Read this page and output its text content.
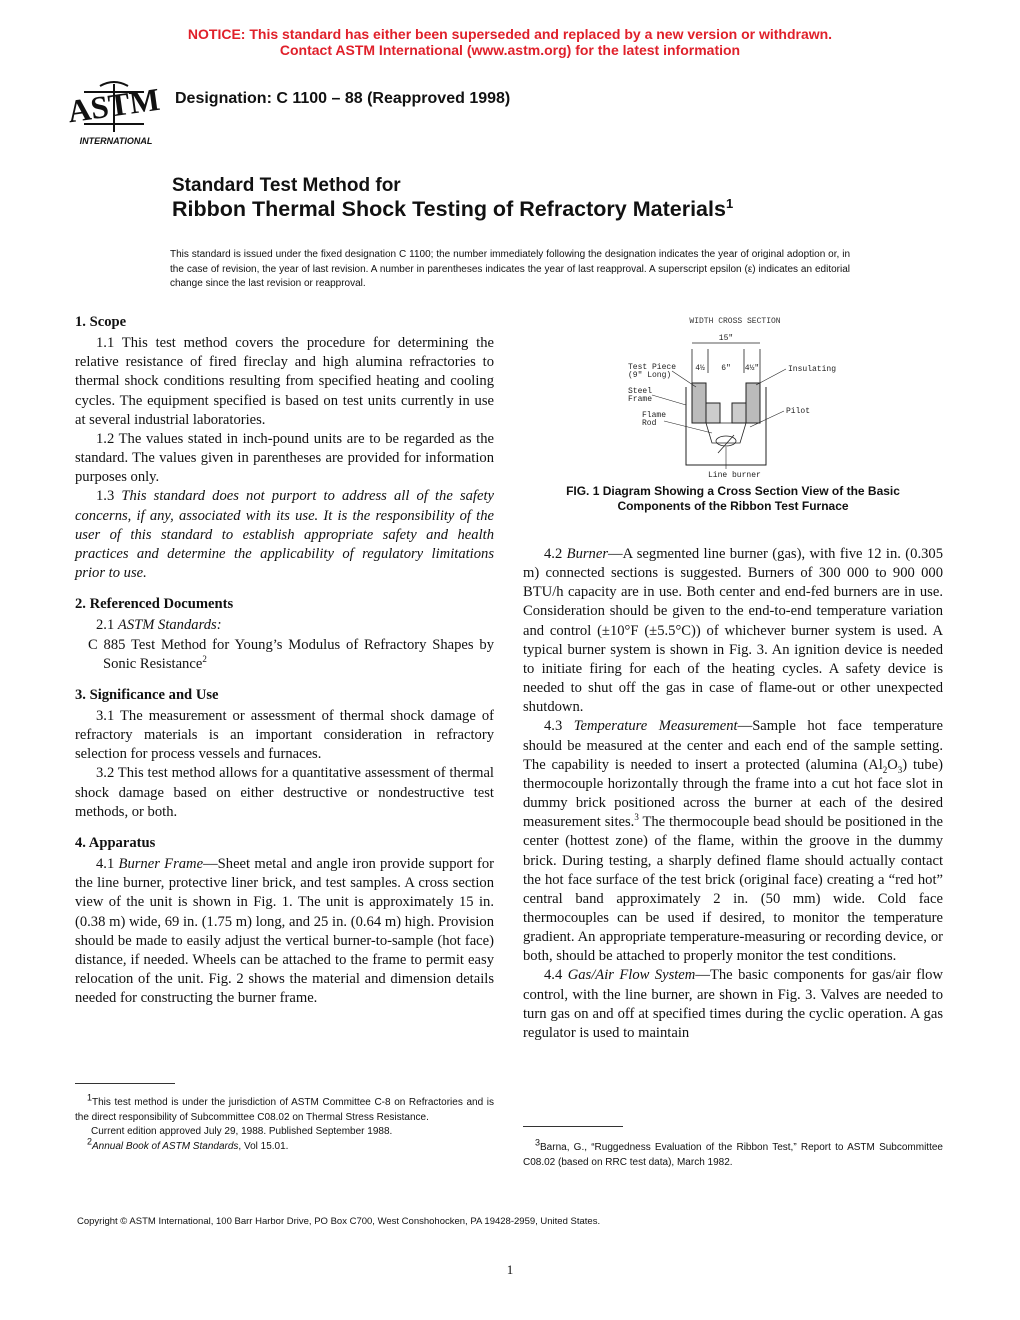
NOTICE: This standard has either been superseded and replaced by a new version or withdrawn.
Contact ASTM International (www.astm.org) for the latest information
ASTM
INTERNATIONAL
Designation: C 1100 – 88 (Reapproved 1998)
Standard Test Method for
Ribbon Thermal Shock Testing of Refractory Materials$^1$
This standard is issued under the fixed designation C 1100; the number immediately following the designation indicates the year of original adoption or, in the case of revision, the year of last revision. A number in parentheses indicates the year of last reapproval. A superscript epsilon (ε) indicates an editorial change since the last revision or reapproval.

1. Scope

1.1 This test method covers the procedure for determining the relative resistance of fired fireclay and high alumina refractories to thermal shock conditions resulting from specified heating and cooling cycles. The equipment specified is based on test units currently in use at several industrial laboratories.

1.2 The values stated in inch-pound units are to be regarded as the standard. The values given in parentheses are provided for information purposes only.

1.3 This standard does not purport to address all of the safety concerns, if any, associated with its use. It is the responsibility of the user of this standard to establish appropriate safety and health practices and determine the applicability of regulatory limitations prior to use.

2. Referenced Documents

2.1 ASTM Standards:

C 885 Test Method for Young’s Modulus of Refractory Shapes by Sonic Resistance$^2$

3. Significance and Use

3.1 The measurement or assessment of thermal shock damage of refractory materials is an important consideration in refractory selection for process vessels and furnaces.

3.2 This test method allows for a quantitative assessment of thermal shock damage based on either destructive or nondestructive test methods, or both.

4. Apparatus

4.1 Burner Frame—Sheet metal and angle iron provide support for the line burner, protective liner brick, and test samples. A cross section view of the unit is shown in Fig. 1. The unit is approximately 15 in. (0.38 m) wide, 69 in. (1.75 m) long, and 25 in. (0.64 m) high. Provision should be made to easily adjust the vertical burner-to-sample (hot face) distance, if needed. Wheels can be attached to the frame to permit easy relocation of the unit. Fig. 2 shows the material and dimension details needed for constructing the burner frame.

$^1$This test method is under the jurisdiction of ASTM Committee C-8 on Refractories and is the direct responsibility of Subcommittee C08.02 on Thermal Stress Resistance.

Current edition approved July 29, 1988. Published September 1988.

$^2$Annual Book of ASTM Standards, Vol 15.01.

WIDTH CROSS SECTION
15"
4½ 6" 4½"
Test Piece
(9" Long)
Insulating
Steel
Frame
Pilot
Flame
Rod
Line burner
FIG. 1 Diagram Showing a Cross Section View of the Basic
Components of the Ribbon Test Furnace

4.2 Burner—A segmented line burner (gas), with five 12 in. (0.305 m) connected sections is suggested. Burners of 300 000 to 900 000 BTU/h capacity are in use. Both center and end-fed burners are in use. Consideration should be given to the end-to-end temperature variation and control (±10°F (±5.5°C)) of whichever burner system is used. A typical burner system is shown in Fig. 3. An ignition device is needed to initiate firing for each of the heating cycles. A safety device is needed to shut off the gas in case of flame-out or other unexpected shutdown.

4.3 Temperature Measurement—Sample hot face temperature should be measured at the center and each end of the sample setting. The capability is needed to insert a protected (alumina $(Al_2O_3)$ tube) thermocouple horizontally through the frame into a cut hot face slot in dummy brick positioned across the burner at each of the desired measurement sites.$^3$ The thermocouple bead should be positioned in the center (hottest zone) of the flame, within the groove in the dummy brick. During testing, a sharply defined flame should actually contact the hot face surface of the test brick (original face) creating a “red hot” central band approximately 2 in. (50 mm) wide. Cold face thermocouples can be used if desired, to monitor the temperature gradient. An appropriate temperature-measuring or recording device, or both, should be attached to properly monitor the test conditions.

4.4 Gas/Air Flow System—The basic components for gas/air flow control, with the line burner, are shown in Fig. 3. Valves are needed to turn gas on and off at specified times during the cyclic operation. A gas regulator is used to maintain

$^3$Barna, G., “Ruggedness Evaluation of the Ribbon Test,” Report to ASTM Subcommittee C08.02 (based on RRC test data), March 1982.

Copyright © ASTM International, 100 Barr Harbor Drive, PO Box C700, West Conshohocken, PA 19428-2959, United States.
1
